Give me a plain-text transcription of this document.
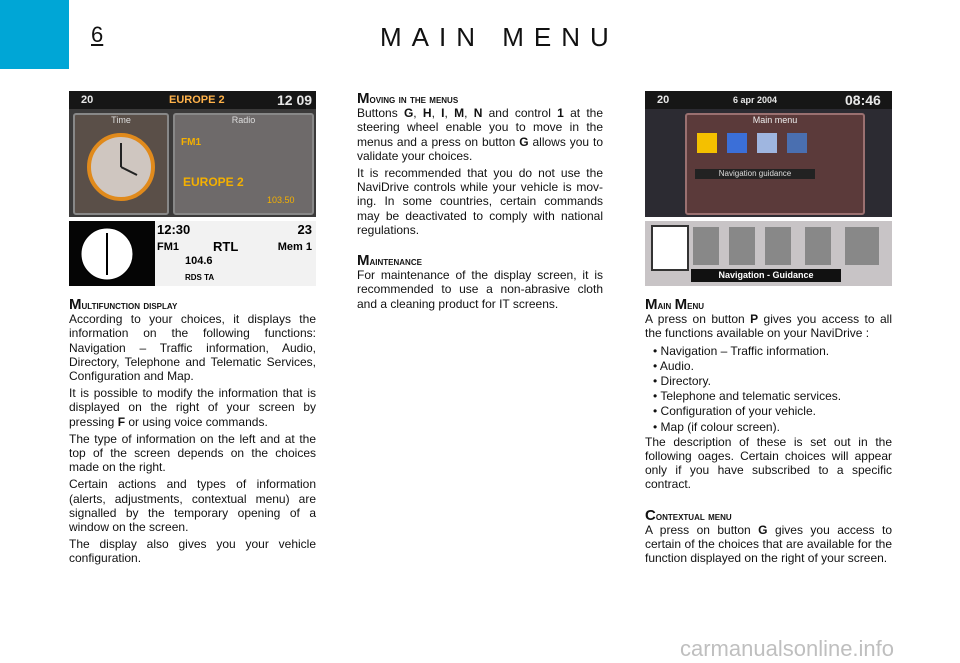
6	MAIN MENU
20	EUROPE 2	12 09
Time	Radio
FM1
EUROPE 2
103.50
12:30	23
FM1	RTL	Mem 1
104.6
RDS TA
20	6 apr 2004	08:46
Main menu
Navigation guidance
Navigation - Guidance
Multifunction display

According to your choices, it displays the information on the following functions: Navigation – Traffic information, Audio, Directory, Telephone and Telematic Services, Configuration and Map.

It is possible to modify the information that is displayed on the right of your screen by pressing F or using voice commands.

The type of information on the left and at the top of the screen depends on the choices made on the right.

Certain actions and types of information (alerts, adjustments, contextual menu) are signalled by the temporary opening of a window on the screen.

The display also gives you your vehicle configuration.

Moving in the menus

Buttons G, H, I, M, N and control 1 at the steering wheel enable you to move in the menus and a press on button G allows you to validate your choices.

It is recommended that you do not use the NaviDrive controls while your vehicle is mov-ing. In some countries, certain commands may be deactivated to comply with national regulations.

Maintenance

For maintenance of the display screen, it is recommended to use a non-abrasive cloth and a cleaning product for IT screens.	Main Menu

A press on button P gives you access to all the functions available on your NaviDrive :

• Navigation – Traffic information.
• Audio.
• Directory.
• Telephone and telematic services.
• Configuration of your vehicle.
• Map (if colour screen).

The description of these is set out in the following oages. Certain choices will appear only if you have subscribed to a specific contract.

Contextual menu

A press on button G gives you access to certain of the choices that are available for the function displayed on the right of your screen.

carmanualsonline.info
